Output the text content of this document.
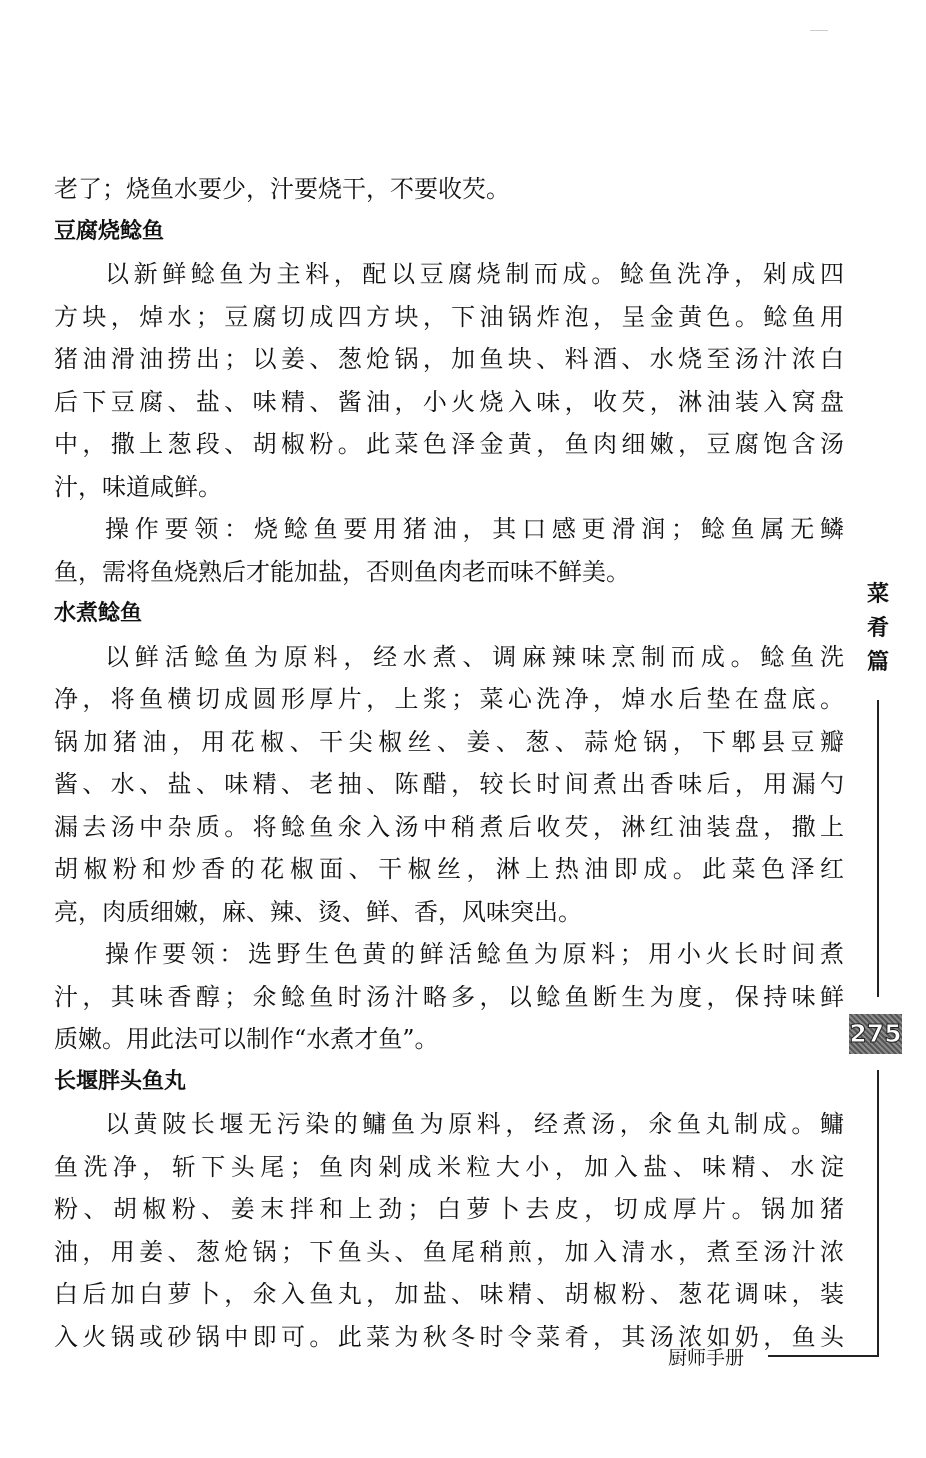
老了；烧鱼水要少，汁要烧干，不要收芡。
豆腐烧鲶鱼
以新鲜鲶鱼为主料，配以豆腐烧制而成。鲶鱼洗净，剁成四
方块，焯水；豆腐切成四方块，下油锅炸泡，呈金黄色。鲶鱼用
猪油滑油捞出；以姜、葱炝锅，加鱼块、料酒、水烧至汤汁浓白
后下豆腐、盐、味精、酱油，小火烧入味，收芡，淋油装入窝盘
中，撒上葱段、胡椒粉。此菜色泽金黄，鱼肉细嫩，豆腐饱含汤
汁，味道咸鲜。
操作要领：烧鲶鱼要用猪油，其口感更滑润；鲶鱼属无鳞
鱼，需将鱼烧熟后才能加盐，否则鱼肉老而味不鲜美。
水煮鲶鱼
以鲜活鲶鱼为原料，经水煮、调麻辣味烹制而成。鲶鱼洗
净，将鱼横切成圆形厚片，上浆；菜心洗净，焯水后垫在盘底。
锅加猪油，用花椒、干尖椒丝、姜、葱、蒜炝锅，下郫县豆瓣
酱、水、盐、味精、老抽、陈醋，较长时间煮出香味后，用漏勺
漏去汤中杂质。将鲶鱼氽入汤中稍煮后收芡，淋红油装盘，撒上
胡椒粉和炒香的花椒面、干椒丝，淋上热油即成。此菜色泽红
亮，肉质细嫩，麻、辣、烫、鲜、香，风味突出。
操作要领：选野生色黄的鲜活鲶鱼为原料；用小火长时间煮
汁，其味香醇；氽鲶鱼时汤汁略多，以鲶鱼断生为度，保持味鲜
质嫩。用此法可以制作“水煮才鱼”。
长堰胖头鱼丸
以黄陂长堰无污染的鳙鱼为原料，经煮汤，氽鱼丸制成。鳙
鱼洗净，斩下头尾；鱼肉剁成米粒大小，加入盐、味精、水淀
粉、胡椒粉、姜末拌和上劲；白萝卜去皮，切成厚片。锅加猪
油，用姜、葱炝锅；下鱼头、鱼尾稍煎，加入清水，煮至汤汁浓
白后加白萝卜，氽入鱼丸，加盐、味精、胡椒粉、葱花调味，装
入火锅或砂锅中即可。此菜为秋冬时令菜肴，其汤浓如奶，鱼头
菜肴篇
275
厨师手册
